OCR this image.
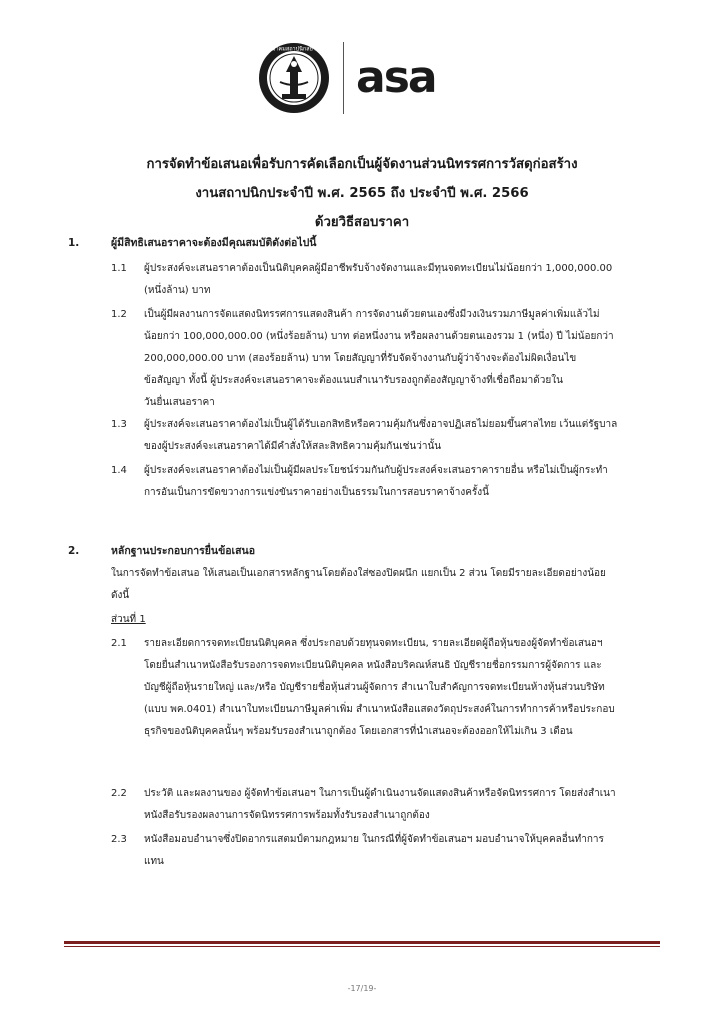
สมาคมสถาปนิกสยาม
asa
การจัดทำข้อเสนอเพื่อรับการคัดเลือกเป็นผู้จัดงานส่วนนิทรรศการวัสดุก่อสร้าง
งานสถาปนิกประจำปี พ.ศ. 2565 ถึง ประจำปี พ.ศ. 2566
ด้วยวิธีสอบราคา
1.	ผู้มีสิทธิเสนอราคาจะต้องมีคุณสมบัติดังต่อไปนี้
1.1 ผู้ประสงค์จะเสนอราคาต้องเป็นนิติบุคคลผู้มีอาชีพรับจ้างจัดงานและมีทุนจดทะเบียนไม่น้อยกว่า 1,000,000.00
(หนึ่งล้าน) บาท
1.2 เป็นผู้มีผลงานการจัดแสดงนิทรรศการแสดงสินค้า การจัดงานด้วยตนเองซึ่งมีวงเงินรวมภาษีมูลค่าเพิ่มแล้วไม่
น้อยกว่า 100,000,000.00 (หนึ่งร้อยล้าน) บาท ต่อหนึ่งงาน หรือผลงานด้วยตนเองรวม 1 (หนึ่ง) ปี ไม่น้อยกว่า
200,000,000.00 บาท (สองร้อยล้าน) บาท โดยสัญญาที่รับจัดจ้างงานกับผู้ว่าจ้างจะต้องไม่ผิดเงื่อนไข
ข้อสัญญา ทั้งนี้ ผู้ประสงค์จะเสนอราคาจะต้องแนบสำเนารับรองถูกต้องสัญญาจ้างที่เชื่อถือมาด้วยใน
วันยื่นเสนอราคา
1.3 ผู้ประสงค์จะเสนอราคาต้องไม่เป็นผู้ได้รับเอกสิทธิหรือความคุ้มกันซึ่งอาจปฏิเสธไม่ยอมขึ้นศาลไทย เว้นแต่รัฐบาล
ของผู้ประสงค์จะเสนอราคาได้มีคำสั่งให้สละสิทธิความคุ้มกันเช่นว่านั้น
1.4 ผู้ประสงค์จะเสนอราคาต้องไม่เป็นผู้มีผลประโยชน์ร่วมกันกับผู้ประสงค์จะเสนอราคารายอื่น หรือไม่เป็นผู้กระทำ
การอันเป็นการขัดขวางการแข่งขันราคาอย่างเป็นธรรมในการสอบราคาจ้างครั้งนี้
2.	หลักฐานประกอบการยื่นข้อเสนอ
ในการจัดทำข้อเสนอ ให้เสนอเป็นเอกสารหลักฐานโดยต้องใส่ซองปิดผนึก แยกเป็น 2 ส่วน โดยมีรายละเอียดอย่างน้อย
ดังนี้
ส่วนที่ 1
2.1 รายละเอียดการจดทะเบียนนิติบุคคล ซึ่งประกอบด้วยทุนจดทะเบียน, รายละเอียดผู้ถือหุ้นของผู้จัดทำข้อเสนอฯ
โดยยื่นสำเนาหนังสือรับรองการจดทะเบียนนิติบุคคล หนังสือบริคณห์สนธิ บัญชีรายชื่อกรรมการผู้จัดการ และ
บัญชีผู้ถือหุ้นรายใหญ่ และ/หรือ บัญชีรายชื่อหุ้นส่วนผู้จัดการ สำเนาใบสำคัญการจดทะเบียนห้างหุ้นส่วนบริษัท
(แบบ พค.0401) สำเนาใบทะเบียนภาษีมูลค่าเพิ่ม สำเนาหนังสือแสดงวัตถุประสงค์ในการทำการค้าหรือประกอบ
ธุรกิจของนิติบุคคลนั้นๆ พร้อมรับรองสำเนาถูกต้อง โดยเอกสารที่นำเสนอจะต้องออกให้ไม่เกิน 3 เดือน
2.2 ประวัติ และผลงานของ ผู้จัดทำข้อเสนอฯ ในการเป็นผู้ดำเนินงานจัดแสดงสินค้าหรือจัดนิทรรศการ โดยส่งสำเนา
หนังสือรับรองผลงานการจัดนิทรรศการพร้อมทั้งรับรองสำเนาถูกต้อง
2.3 หนังสือมอบอำนาจซึ่งปิดอากรแสตมป์ตามกฎหมาย ในกรณีที่ผู้จัดทำข้อเสนอฯ มอบอำนาจให้บุคคลอื่นทำการ
แทน
-17/19-
